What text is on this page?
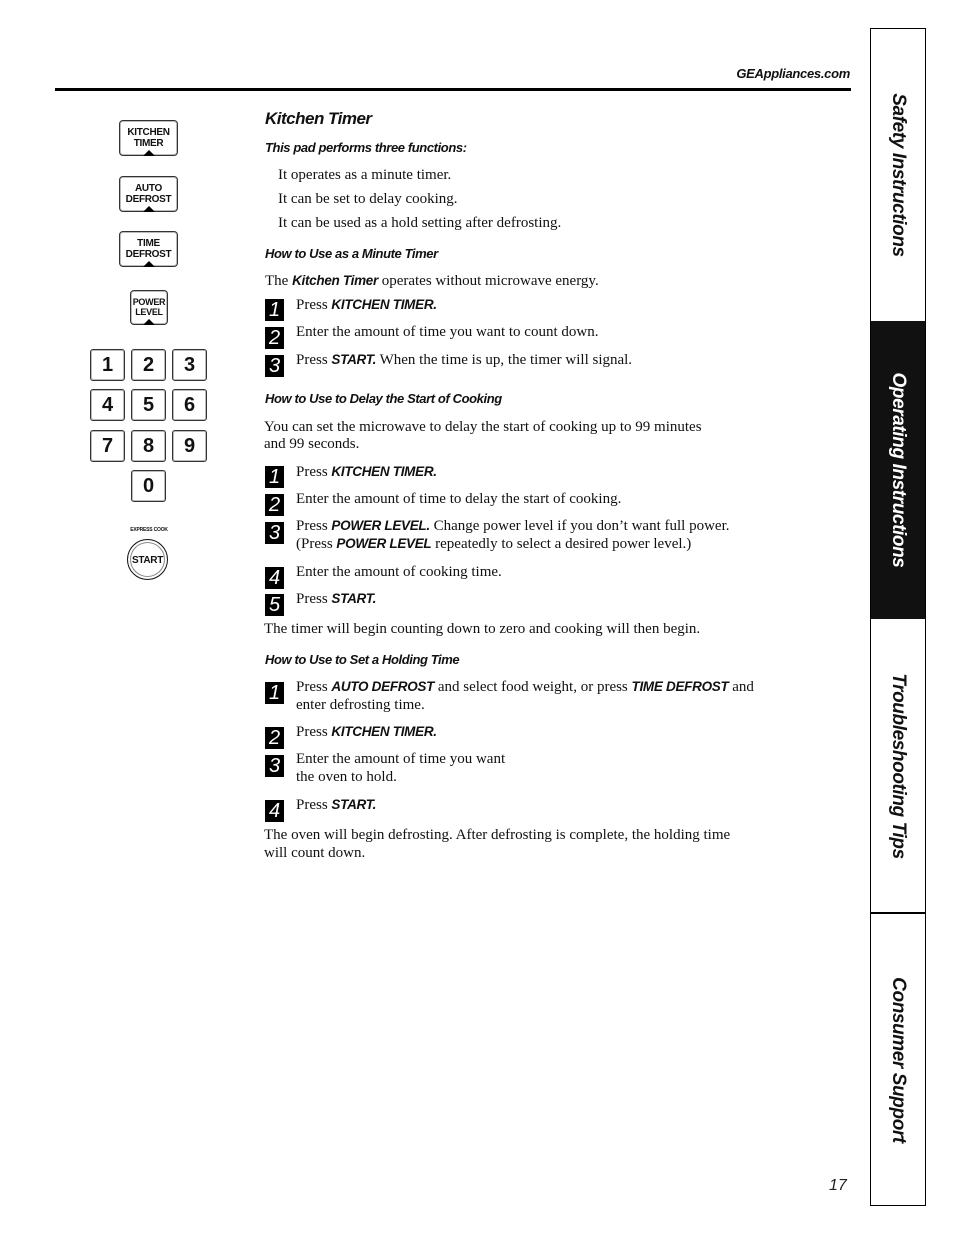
GEAppliances.com
Safety Instructions
Operating Instructions
Troubleshooting Tips
Consumer Support
KITCHEN
TIMER
AUTO
DEFROST
TIME
DEFROST
POWER
LEVEL
1	2	3
4	5	6
7	8	9
0
EXPRESS COOK
START
Kitchen Timer
This pad performs three functions:
It operates as a minute timer.
It can be set to delay cooking.
It can be used as a hold setting after defrosting.
How to Use as a Minute Timer
The Kitchen Timer operates without microwave energy.
1 Press KITCHEN TIMER.
2 Enter the amount of time you want to count down.
3 Press START. When the time is up, the timer will signal.
How to Use to Delay the Start of Cooking
You can set the microwave to delay the start of cooking up to 99 minutes
and 99 seconds.
1 Press KITCHEN TIMER.
2 Enter the amount of time to delay the start of cooking.
3 Press POWER LEVEL. Change power level if you don’t want full power.
(Press POWER LEVEL repeatedly to select a desired power level.)
4 Enter the amount of cooking time.
5 Press START.
The timer will begin counting down to zero and cooking will then begin.
How to Use to Set a Holding Time
1 Press AUTO DEFROST and select food weight, or press TIME DEFROST and
enter defrosting time.
2 Press KITCHEN TIMER.
3 Enter the amount of time you want
the oven to hold.
4 Press START.
The oven will begin defrosting. After defrosting is complete, the holding time
will count down.
17
